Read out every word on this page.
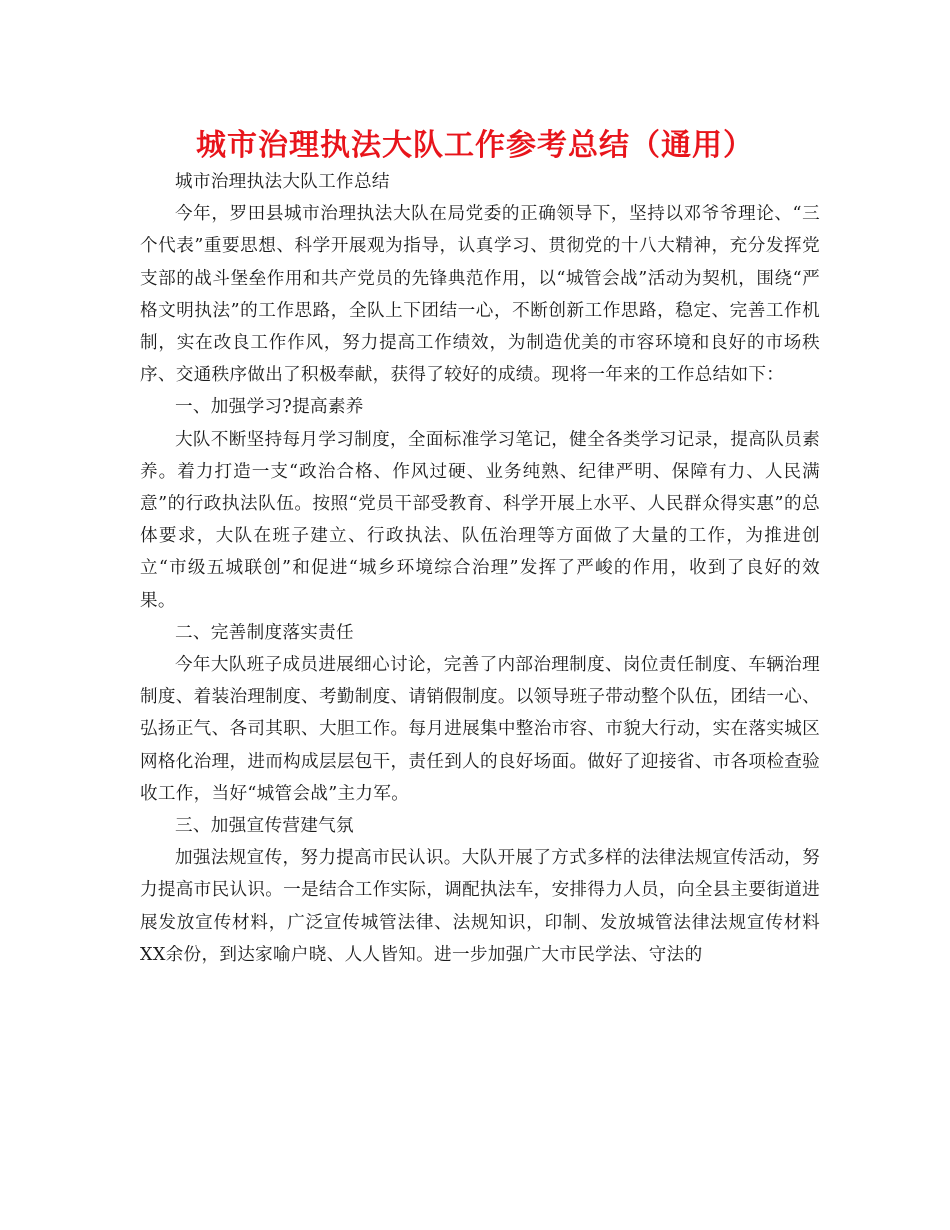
城市治理执法大队工作参考总结（通用）

城市治理执法大队工作总结

今年，罗田县城市治理执法大队在局党委的正确领导下，坚持以邓爷爷理论、“三个代表”重要思想、科学开展观为指导，认真学习、贯彻党的十八大精神，充分发挥党支部的战斗堡垒作用和共产党员的先锋典范作用，以“城管会战”活动为契机，围绕“严格文明执法”的工作思路，全队上下团结一心，不断创新工作思路，稳定、完善工作机制，实在改良工作作风，努力提高工作绩效，为制造优美的市容环境和良好的市场秩序、交通秩序做出了积极奉献，获得了较好的成绩。现将一年来的工作总结如下：

一、加强学习?提高素养

大队不断坚持每月学习制度，全面标准学习笔记，健全各类学习记录，提高队员素养。着力打造一支“政治合格、作风过硬、业务纯熟、纪律严明、保障有力、人民满意”的行政执法队伍。按照“党员干部受教育、科学开展上水平、人民群众得实惠”的总体要求，大队在班子建立、行政执法、队伍治理等方面做了大量的工作，为推进创立“市级五城联创”和促进“城乡环境综合治理”发挥了严峻的作用，收到了良好的效果。

二、完善制度落实责任

今年大队班子成员进展细心讨论，完善了内部治理制度、岗位责任制度、车辆治理制度、着装治理制度、考勤制度、请销假制度。以领导班子带动整个队伍，团结一心、弘扬正气、各司其职、大胆工作。每月进展集中整治市容、市貌大行动，实在落实城区网格化治理，进而构成层层包干，责任到人的良好场面。做好了迎接省、市各项检查验收工作，当好“城管会战”主力军。

三、加强宣传营建气氛

加强法规宣传，努力提高市民认识。大队开展了方式多样的法律法规宣传活动，努力提高市民认识。一是结合工作实际，调配执法车，安排得力人员，向全县主要街道进展发放宣传材料，广泛宣传城管法律、法规知识，印制、发放城管法律法规宣传材料XX余份，到达家喻户晓、人人皆知。进一步加强广大市民学法、守法的
